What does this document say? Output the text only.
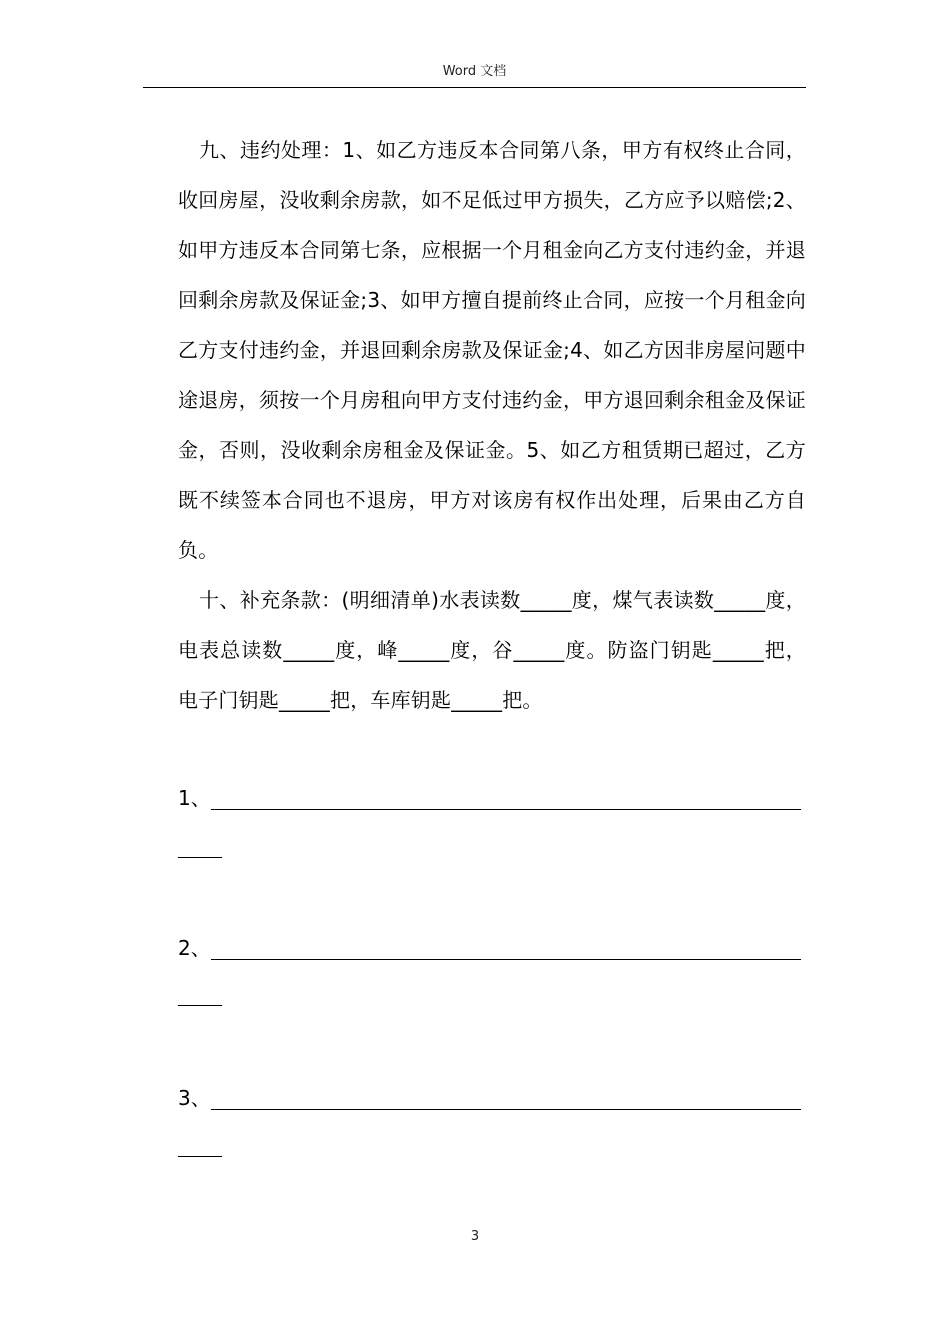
Word 文档

九、违约处理：1、如乙方违反本合同第八条，甲方有权终止合同，收回房屋，没收剩余房款，如不足低过甲方损失，乙方应予以赔偿;2、如甲方违反本合同第七条，应根据一个月租金向乙方支付违约金，并退回剩余房款及保证金;3、如甲方擅自提前终止合同，应按一个月租金向乙方支付违约金，并退回剩余房款及保证金;4、如乙方因非房屋问题中途退房，须按一个月房租向甲方支付违约金，甲方退回剩余租金及保证金，否则，没收剩余房租金及保证金。5、如乙方租赁期已超过，乙方既不续签本合同也不退房，甲方对该房有权作出处理，后果由乙方自负。

十、补充条款：(明细清单)水表读数_____度，煤气表读数_____度，电表总读数_____度，峰_____度，谷_____度。防盗门钥匙_____把，电子门钥匙_____把，车库钥匙_____把。

1、
2、
3、
3
